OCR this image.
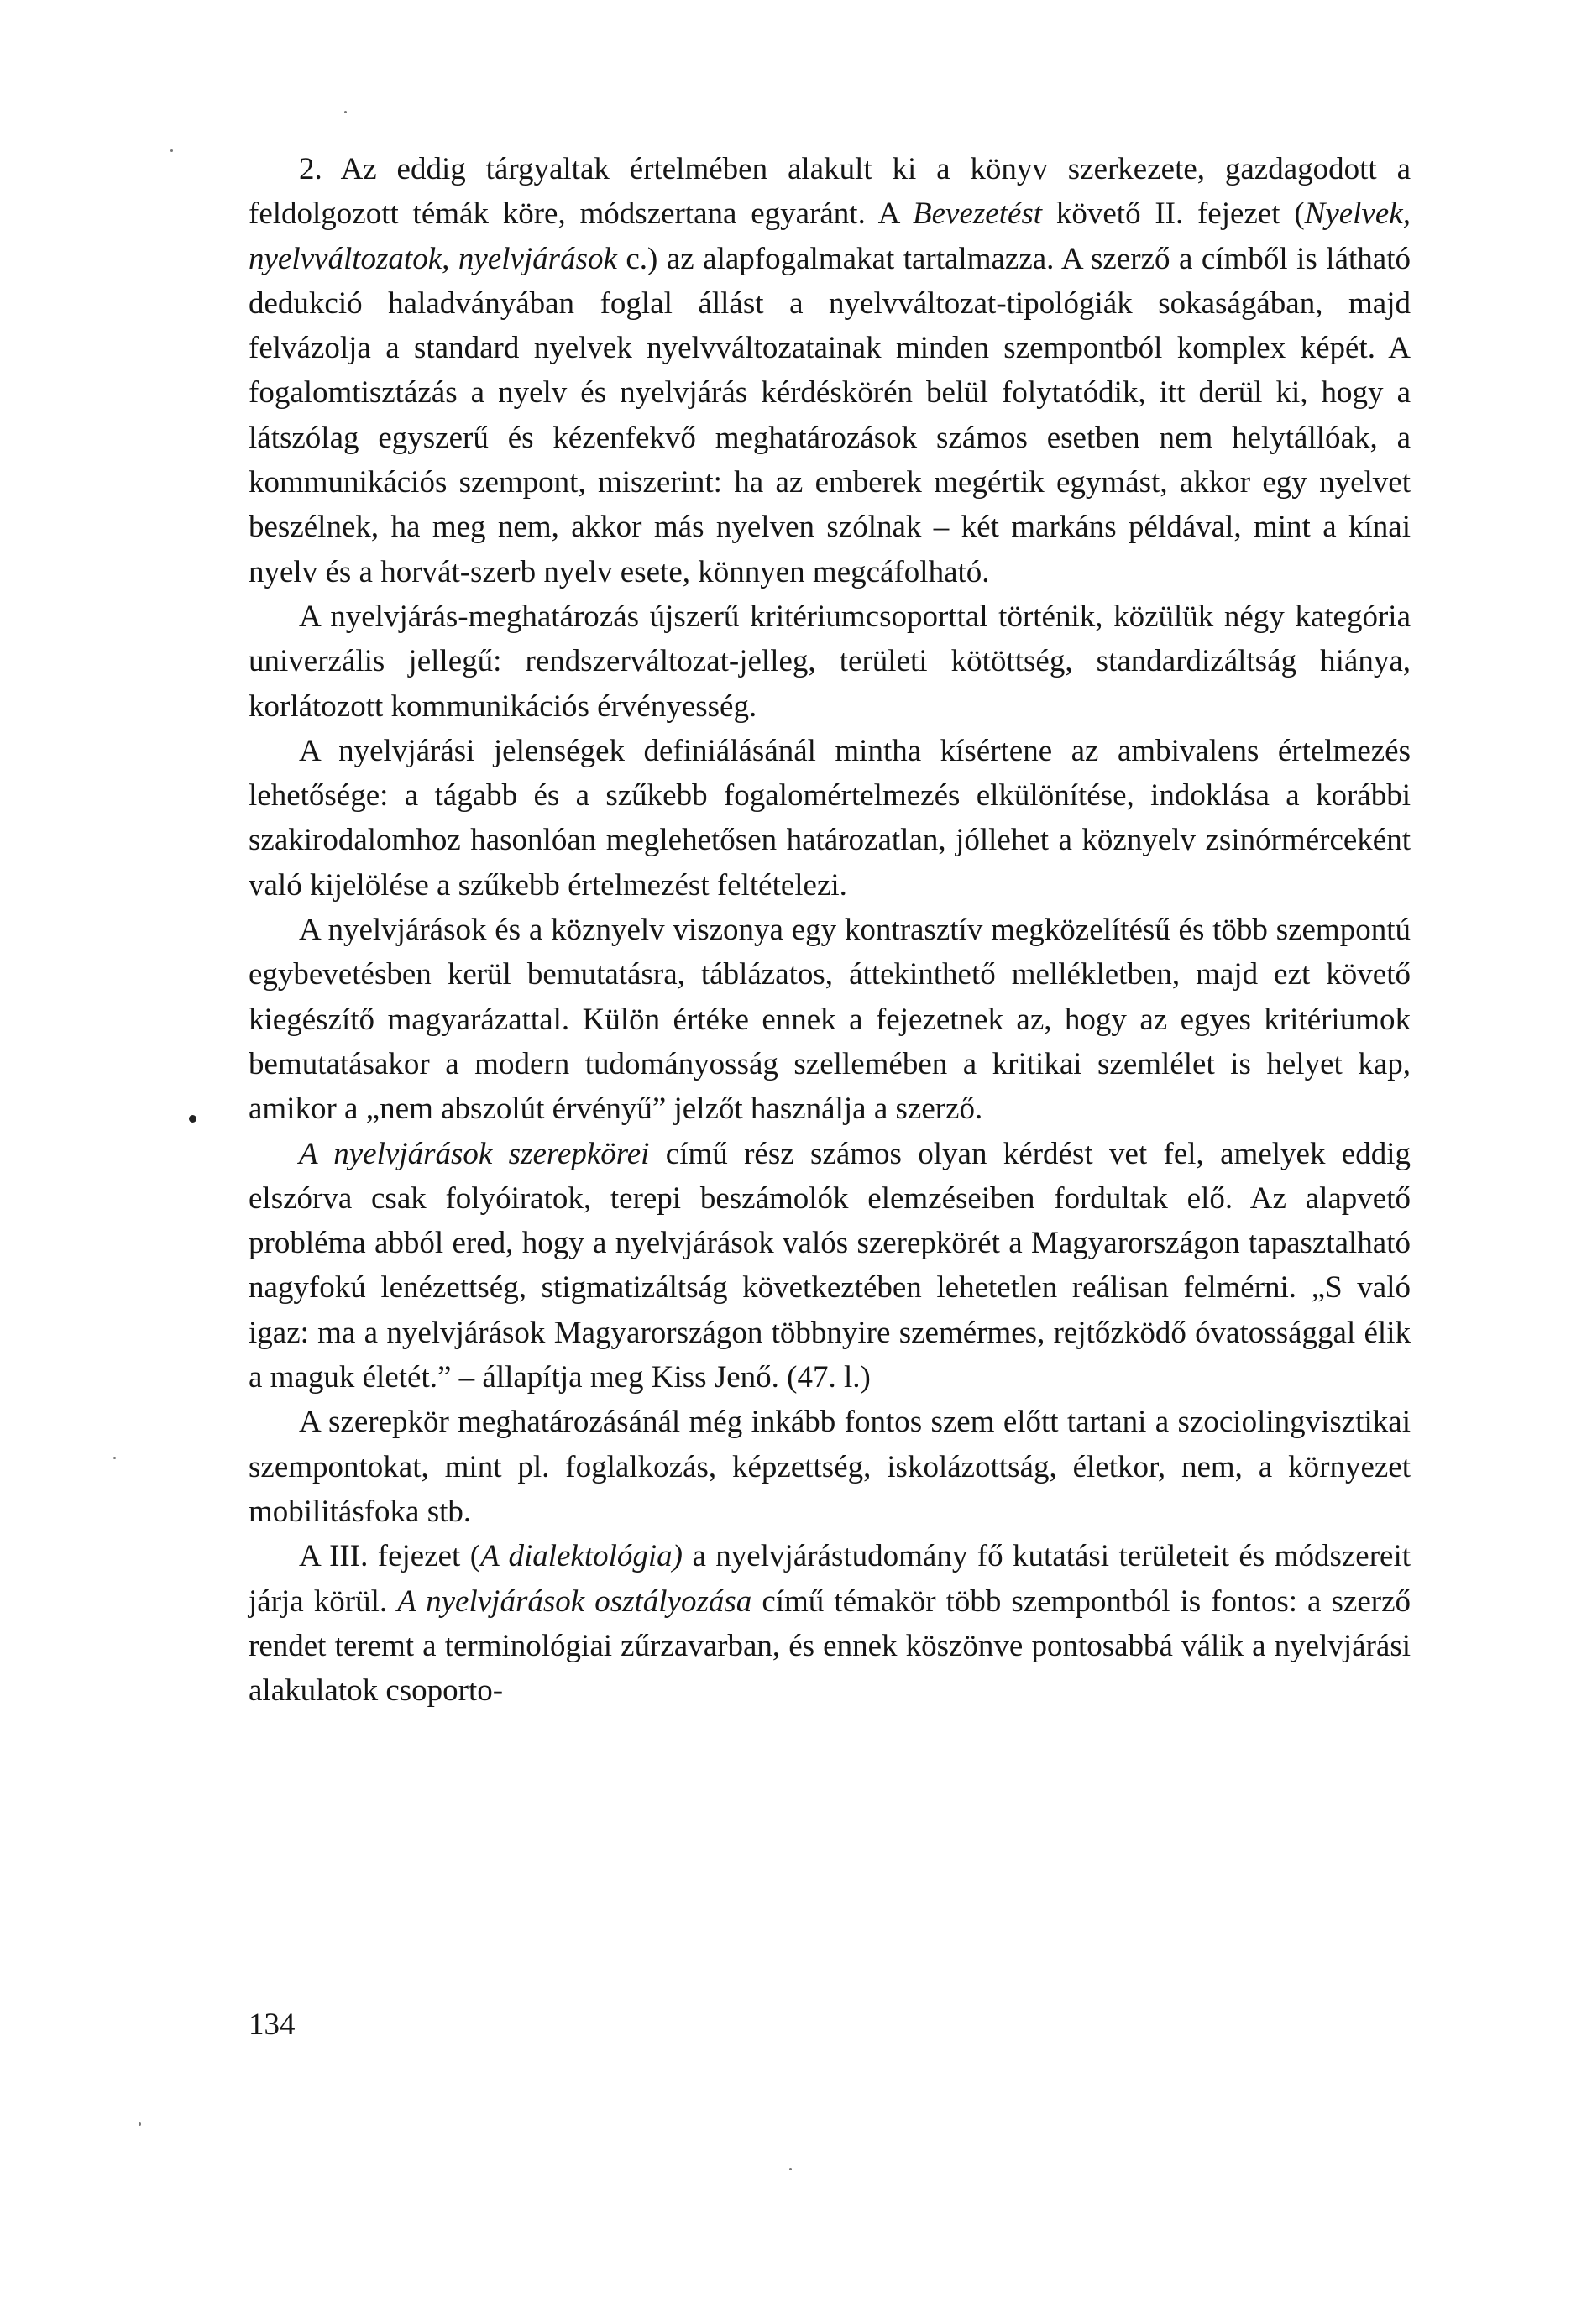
2. Az eddig tárgyaltak értelmében alakult ki a könyv szerkezete, gazdagodott a feldolgozott témák köre, módszertana egyaránt. A Bevezetést követő II. fejezet (Nyelvek, nyelvváltozatok, nyelvjárások c.) az alapfogalmakat tartalmazza. A szerző a címből is látható dedukció haladványában foglal állást a nyelvváltozat-tipológiák sokaságában, majd felvázolja a standard nyelvek nyelvváltozatainak minden szempontból komplex képét. A fogalomtisztázás a nyelv és nyelvjárás kérdéskörén belül folytatódik, itt derül ki, hogy a látszólag egyszerű és kézenfekvő meghatározások számos esetben nem helytállóak, a kommunikációs szempont, miszerint: ha az emberek megértik egymást, akkor egy nyelvet beszélnek, ha meg nem, akkor más nyelven szólnak – két markáns példával, mint a kínai nyelv és a horvát-szerb nyelv esete, könnyen megcáfolható.

A nyelvjárás-meghatározás újszerű kritériumcsoporttal történik, közülük négy kategória univerzális jellegű: rendszerváltozat-jelleg, területi kötöttség, standardizáltság hiánya, korlátozott kommunikációs érvényesség.

A nyelvjárási jelenségek definiálásánál mintha kísértene az ambivalens értelmezés lehetősége: a tágabb és a szűkebb fogalomértelmezés elkülönítése, indoklása a korábbi szakirodalomhoz hasonlóan meglehetősen határozatlan, jóllehet a köznyelv zsinórmérceként való kijelölése a szűkebb értelmezést feltételezi.

A nyelvjárások és a köznyelv viszonya egy kontrasztív megközelítésű és több szempontú egybevetésben kerül bemutatásra, táblázatos, áttekinthető mellékletben, majd ezt követő kiegészítő magyarázattal. Külön értéke ennek a fejezetnek az, hogy az egyes kritériumok bemutatásakor a modern tudományosság szellemében a kritikai szemlélet is helyet kap, amikor a „nem abszolút érvényű” jelzőt használja a szerző.

A nyelvjárások szerepkörei című rész számos olyan kérdést vet fel, amelyek eddig elszórva csak folyóiratok, terepi beszámolók elemzéseiben fordultak elő. Az alapvető probléma abból ered, hogy a nyelvjárások valós szerepkörét a Magyarországon tapasztalható nagyfokú lenézettség, stigmatizáltság következtében lehetetlen reálisan felmérni. „S való igaz: ma a nyelvjárások Magyarországon többnyire szemérmes, rejtőzködő óvatossággal élik a maguk életét.” – állapítja meg Kiss Jenő. (47. l.)

A szerepkör meghatározásánál még inkább fontos szem előtt tartani a szociolingvisztikai szempontokat, mint pl. foglalkozás, képzettség, iskolázottság, életkor, nem, a környezet mobilitásfoka stb.

A III. fejezet (A dialektológia) a nyelvjárástudomány fő kutatási területeit és módszereit járja körül. A nyelvjárások osztályozása című témakör több szempontból is fontos: a szerző rendet teremt a terminológiai zűrzavarban, és ennek köszönve pontosabbá válik a nyelvjárási alakulatok csoporto-

134
